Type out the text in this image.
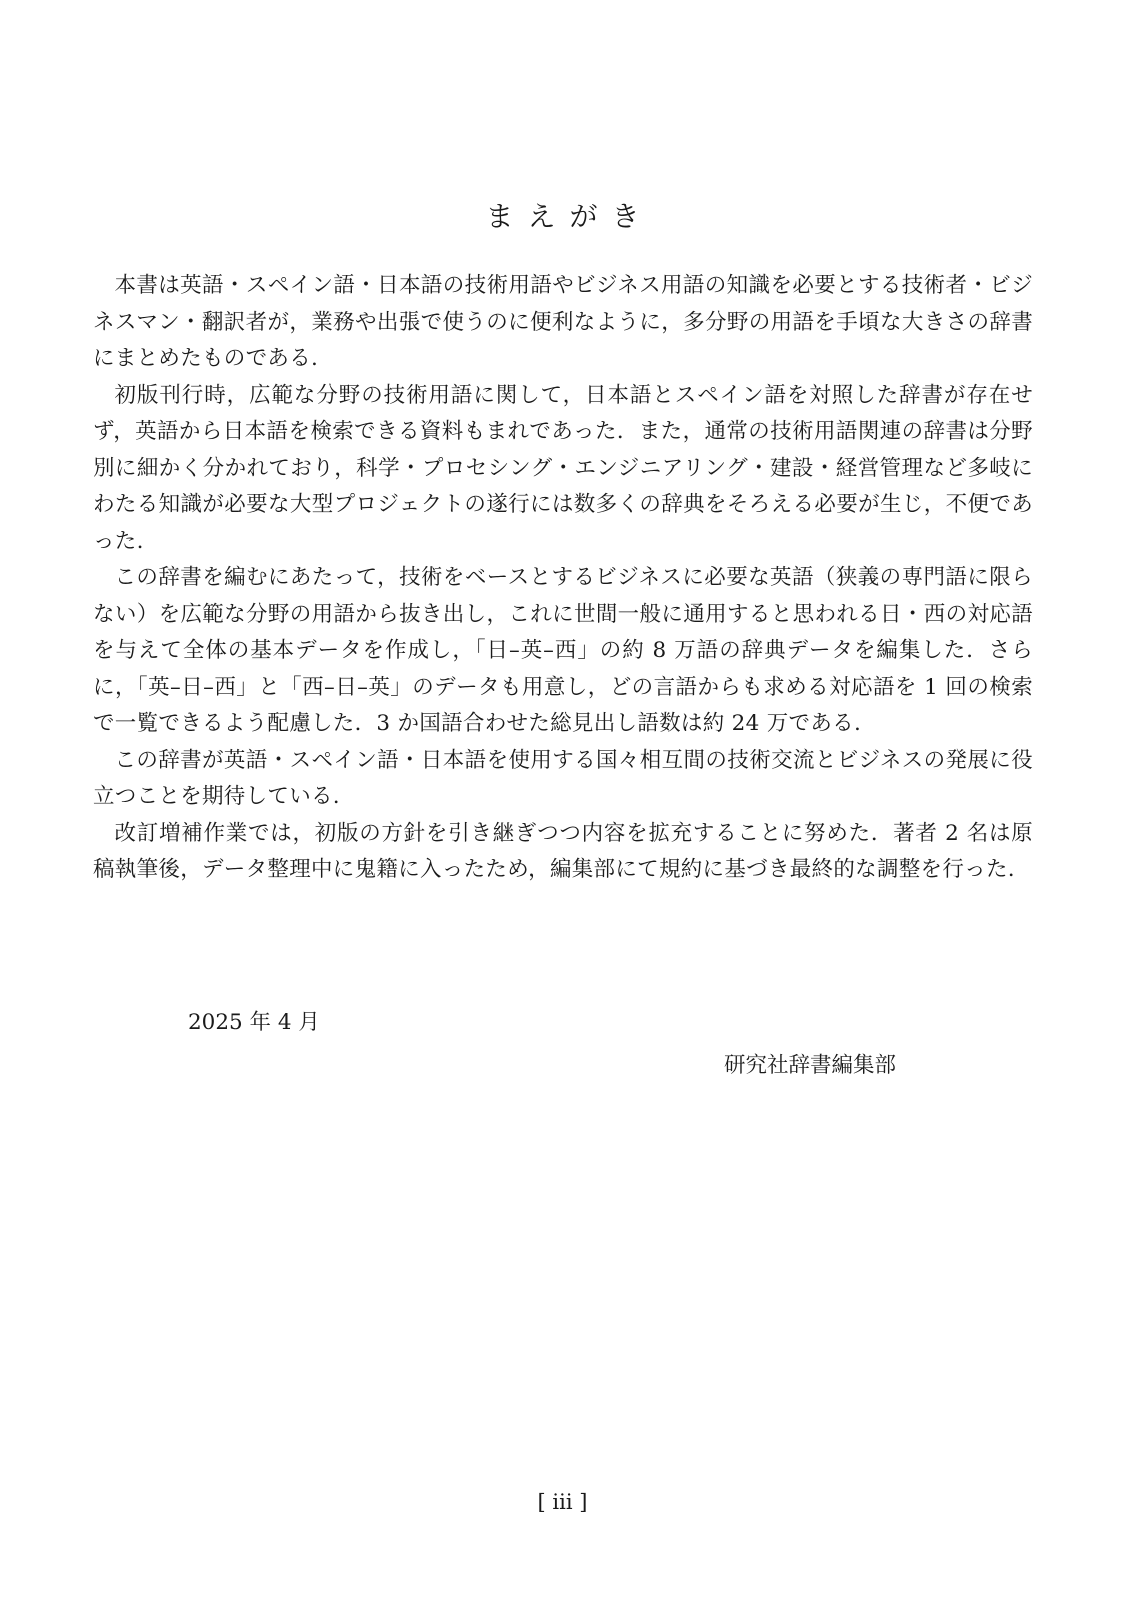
まえがき

本書は英語・スペイン語・日本語の技術用語やビジネス用語の知識を必要とする技術者・ビジネスマン・翻訳者が，業務や出張で使うのに便利なように，多分野の用語を手頃な大きさの辞書にまとめたものである.

初版刊行時，広範な分野の技術用語に関して，日本語とスペイン語を対照した辞書が存在せず，英語から日本語を検索できる資料もまれであった．また，通常の技術用語関連の辞書は分野別に細かく分かれており，科学・プロセシング・エンジニアリング・建設・経営管理など多岐にわたる知識が必要な大型プロジェクトの遂行には数多くの辞典をそろえる必要が生じ，不便であった.

この辞書を編むにあたって，技術をベースとするビジネスに必要な英語（狭義の専門語に限らない）を広範な分野の用語から抜き出し，これに世間一般に通用すると思われる日・西の対応語を与えて全体の基本データを作成し，「日–英–西」の約 8 万語の辞典データを編集した．さらに，「英–日–西」と「西–日–英」のデータも用意し，どの言語からも求める対応語を 1 回の検索で一覧できるよう配慮した．3 か国語合わせた総見出し語数は約 24 万である.

この辞書が英語・スペイン語・日本語を使用する国々相互間の技術交流とビジネスの発展に役立つことを期待している.

改訂増補作業では，初版の方針を引き継ぎつつ内容を拡充することに努めた．著者 2 名は原稿執筆後，データ整理中に鬼籍に入ったため，編集部にて規約に基づき最終的な調整を行った.

2025 年 4 月

研究社辞書編集部

[ iii ]
